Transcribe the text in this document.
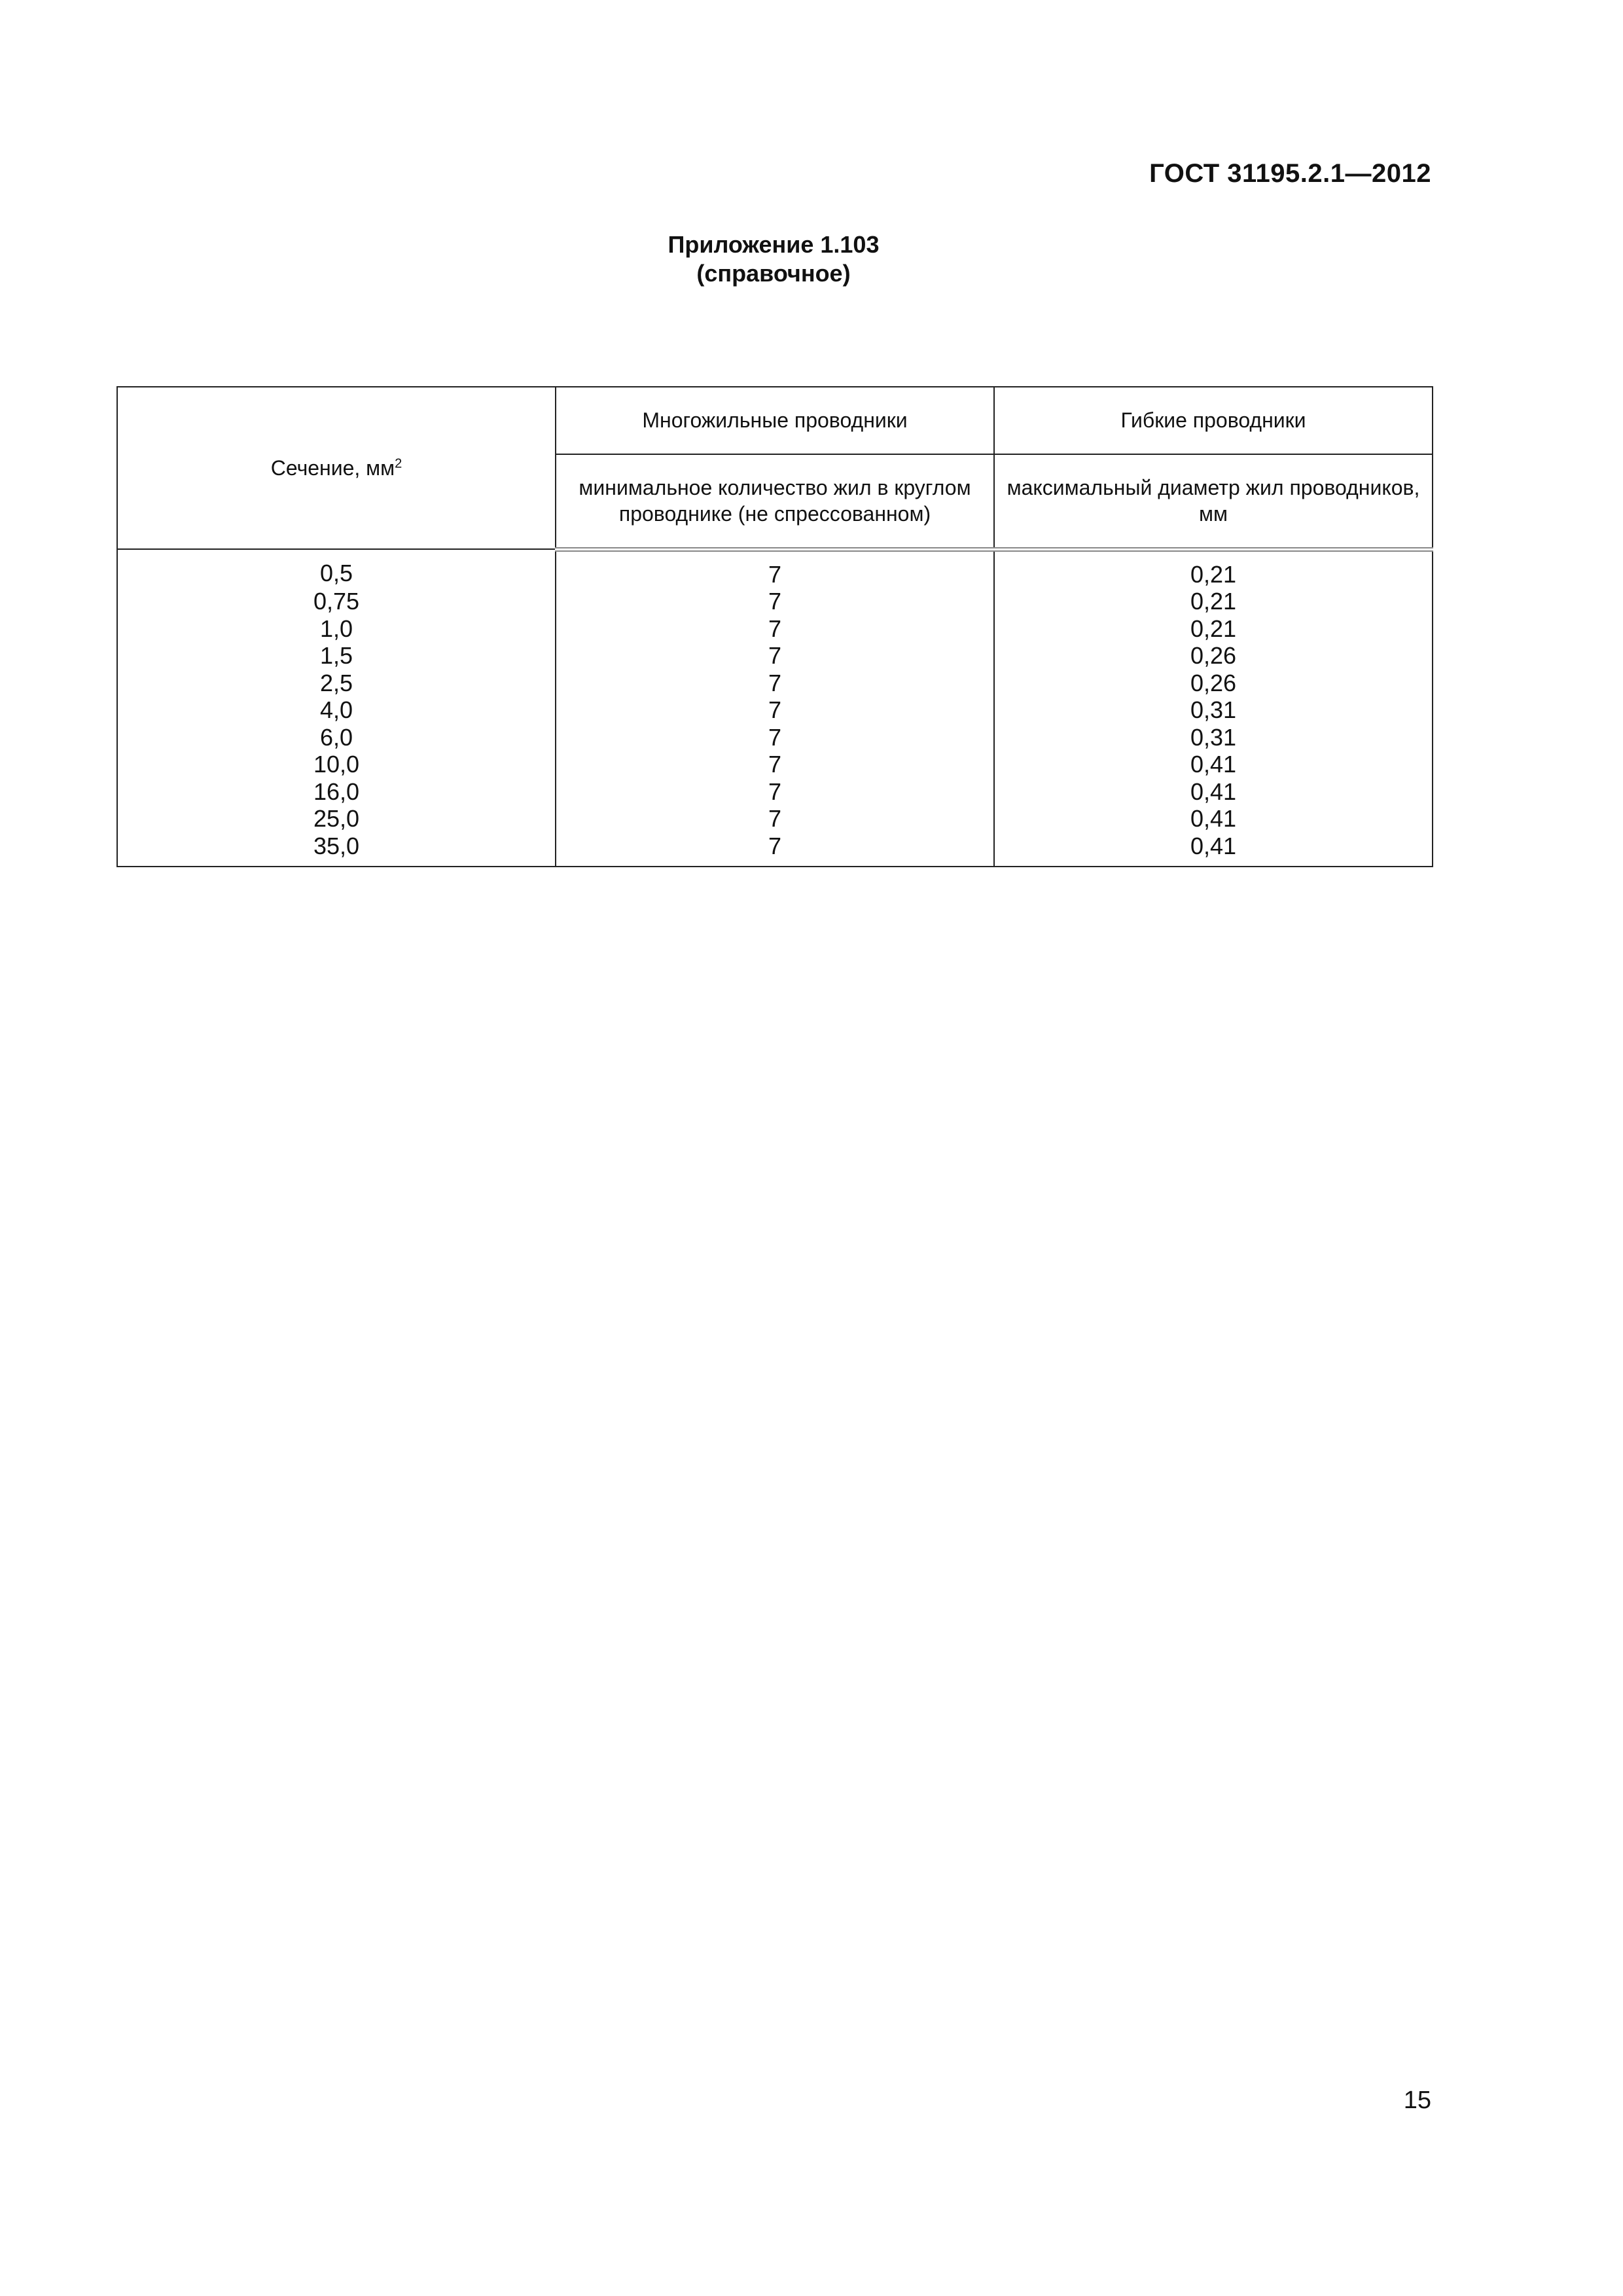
ГОСТ 31195.2.1—2012
Приложение 1.103
(справочное)
Сечение, $мм^2$	Многожильные проводники	Гибкие проводники
	минимальное количество жил в круглом проводнике (не спрессованном)	максимальный диаметр жил проводников, мм
0,5	7	0,21
0,75	7	0,21
1,0	7	0,21
1,5	7	0,26
2,5	7	0,26
4,0	7	0,31
6,0	7	0,31
10,0	7	0,41
16,0	7	0,41
25,0	7	0,41
35,0	7	0,41
15
